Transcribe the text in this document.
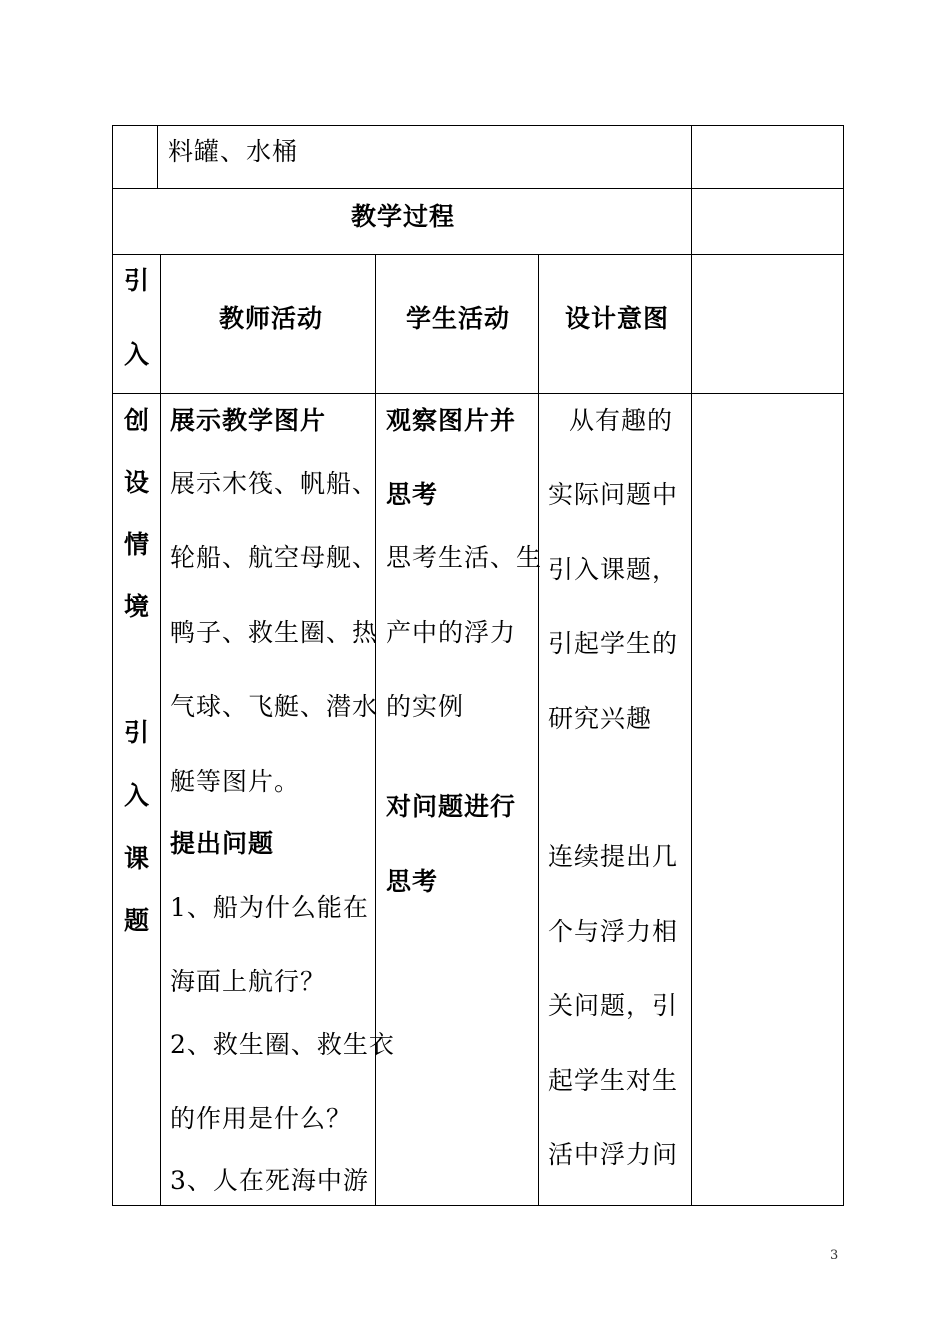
料罐、水桶
教学过程
引
入
教师活动	学生活动 设计意图
创
设
情
境
引
入
课
题
展示教学图片
展示木筏、帆船、
轮船、航空母舰、
鸭子、救生圈、热
气球、飞艇、潜水
艇等图片。
提出问题
1、船为什么能在
海面上航行？
2、救生圈、救生衣
的作用是什么？
3、人在死海中游
观察图片并
思考
思考生活、生
产中的浮力
的实例
对问题进行
思考
从有趣的
实际问题中
引入课题，
引起学生的
研究兴趣
连续提出几
个与浮力相
关问题，引
起学生对生
活中浮力问
3
